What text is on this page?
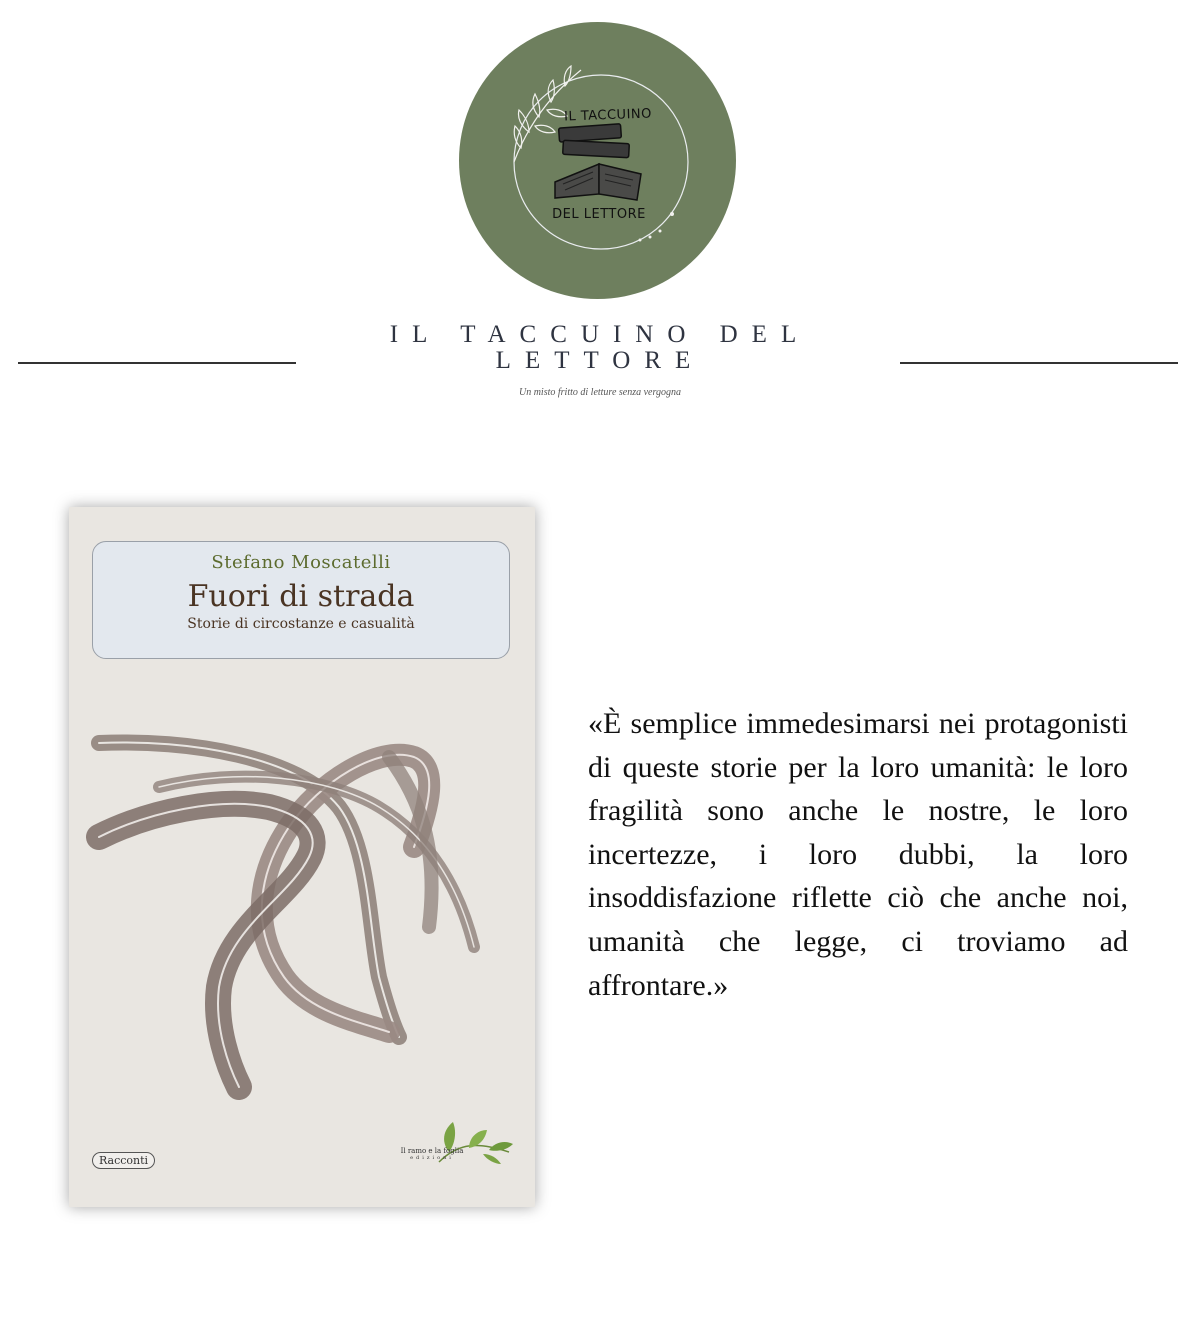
IL TACCUINO
DEL LETTORE
IL TACCUINO DEL LETTORE
Un misto fritto di letture senza vergogna
Stefano Moscatelli
Fuori di strada
Storie di circostanze e casualità
Racconti
Il ramo e la foglia
edizioni
«È semplice immedesimarsi nei protagonisti di queste storie per la loro umanità: le loro fragilità sono anche le nostre, le loro incertezze, i loro dubbi, la loro insoddisfazione riflette ciò che anche noi, umanità che legge, ci troviamo ad affrontare.»
